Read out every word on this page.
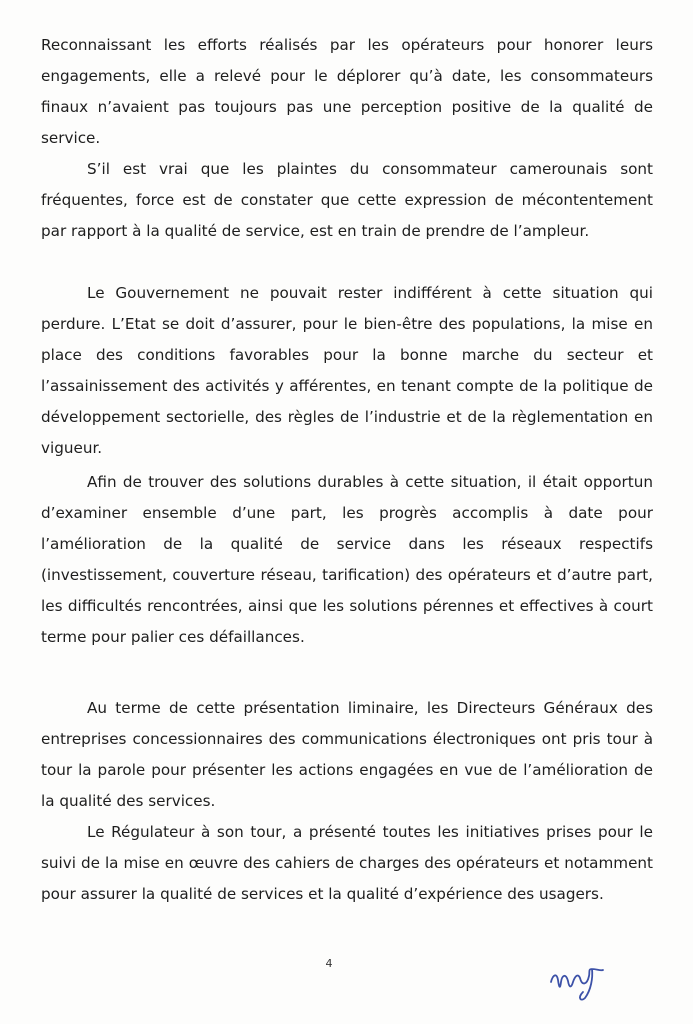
Reconnaissant les efforts réalisés par les opérateurs pour honorer leurs engagements, elle a relevé pour le déplorer qu’à date, les consommateurs finaux n’avaient pas toujours pas une perception positive de la qualité de service.

S’il est vrai que les plaintes du consommateur camerounais sont fréquentes, force est de constater que cette expression de mécontentement par rapport à la qualité de service, est en train de prendre de l’ampleur.

Le Gouvernement ne pouvait rester indifférent à cette situation qui perdure. L’Etat se doit d’assurer, pour le bien-être des populations, la mise en place des conditions favorables pour la bonne marche du secteur et l’assainissement des activités y afférentes, en tenant compte de la politique de développement sectorielle, des règles de l’industrie et de la règlementation en vigueur.

Afin de trouver des solutions durables à cette situation, il était opportun d’examiner ensemble d’une part, les progrès accomplis à date pour l’amélioration de la qualité de service dans les réseaux respectifs (investissement, couverture réseau, tarification) des opérateurs et d’autre part, les difficultés rencontrées, ainsi que les solutions pérennes et effectives à court terme pour palier ces défaillances.

Au terme de cette présentation liminaire, les Directeurs Généraux des entreprises concessionnaires des communications électroniques ont pris tour à tour la parole pour présenter les actions engagées en vue de l’amélioration de la qualité des services.

Le Régulateur à son tour, a présenté toutes les initiatives prises pour le suivi de la mise en œuvre des cahiers de charges des opérateurs et notamment pour assurer la qualité de services et la qualité d’expérience des usagers.

4
